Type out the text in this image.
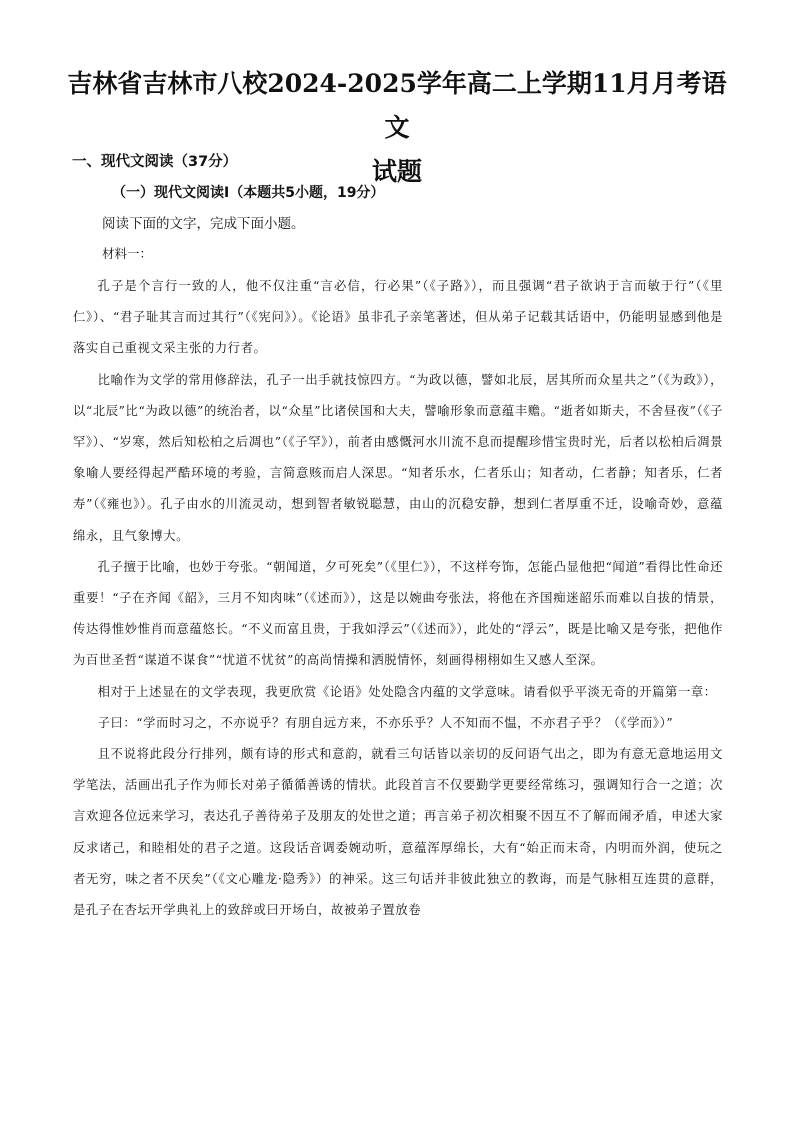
吉林省吉林市八校2024-2025学年高二上学期11月月考语文
试题

一、现代文阅读（37分）

（一）现代文阅读Ⅰ（本题共5小题，19分）

阅读下面的文字，完成下面小题。

材料一：

孔子是个言行一致的人，他不仅注重“言必信，行必果”（《子路》），而且强调“君子欲讷于言而敏于行”（《里仁》）、“君子耻其言而过其行”（《宪问》）。《论语》虽非孔子亲笔著述，但从弟子记载其话语中，仍能明显感到他是落实自己重视文采主张的力行者。

比喻作为文学的常用修辞法，孔子一出手就技惊四方。“为政以德，譬如北辰，居其所而众星共之”（《为政》），以“北辰”比“为政以德”的统治者，以“众星”比诸侯国和大夫，譬喻形象而意蕴丰赡。“逝者如斯夫，不舍昼夜”（《子罕》）、“岁寒，然后知松柏之后凋也”（《子罕》），前者由感慨河水川流不息而提醒珍惜宝贵时光，后者以松柏后凋景象喻人要经得起严酷环境的考验，言简意赅而启人深思。“知者乐水，仁者乐山；知者动，仁者静；知者乐，仁者寿”（《雍也》）。孔子由水的川流灵动，想到智者敏锐聪慧，由山的沉稳安静，想到仁者厚重不迁，设喻奇妙，意蕴绵永，且气象博大。

孔子擅于比喻，也妙于夸张。“朝闻道，夕可死矣”（《里仁》），不这样夸饰，怎能凸显他把“闻道”看得比性命还重要！“子在齐闻《韶》，三月不知肉味”（《述而》），这是以婉曲夸张法，将他在齐国痴迷韶乐而难以自拔的情景，传达得惟妙惟肖而意蕴悠长。“不义而富且贵，于我如浮云”（《述而》），此处的“浮云”，既是比喻又是夸张，把他作为百世圣哲“谋道不谋食”“忧道不忧贫”的高尚情操和洒脱情怀，刻画得栩栩如生又感人至深。

相对于上述显在的文学表现，我更欣赏《论语》处处隐含内蕴的文学意味。请看似乎平淡无奇的开篇第一章：

子曰：“学而时习之，不亦说乎？有朋自远方来，不亦乐乎？人不知而不愠，不亦君子乎？（《学而》）”

且不说将此段分行排列，颇有诗的形式和意韵，就看三句话皆以亲切的反问语气出之，即为有意无意地运用文学笔法，活画出孔子作为师长对弟子循循善诱的情状。此段首言不仅要勤学更要经常练习，强调知行合一之道；次言欢迎各位远来学习，表达孔子善待弟子及朋友的处世之道；再言弟子初次相聚不因互不了解而闹矛盾，申述大家反求诸己，和睦相处的君子之道。这段话音调委婉动听，意蕴浑厚绵长，大有“始正而末奇，内明而外润，使玩之者无穷，味之者不厌矣”（《文心雕龙·隐秀》）的神采。这三句话并非彼此独立的教诲，而是气脉相互连贯的意群，是孔子在杏坛开学典礼上的致辞或曰开场白，故被弟子置放卷
